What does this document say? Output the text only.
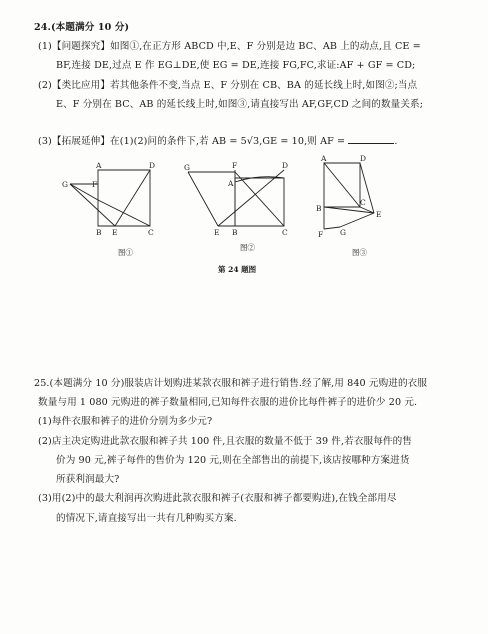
24.(本题满分 10 分)
(1)【问题探究】如图①,在正方形 ABCD 中,E、F 分别是边 BC、AB 上的动点,且 CE =
BF,连接 DE,过点 E 作 EG⊥DE,使 EG = DE,连接 FG,FC,求证:AF + GF = CD;
(2)【类比应用】若其他条件不变,当点 E、F 分别在 CB、BA 的延长线上时,如图②;当点
E、F 分别在 BC、AB 的延长线上时,如图③,请直接写出 AF,GF,CD 之间的数量关系;
(3)【拓展延伸】在(1)(2)问的条件下,若 AB = 5√3,GE = 10,则 AF =	.
A	D
G	F
B E	C
图①
G	F
A
D
E B	C
图②
A	D
B
C
E
F G
图③
第 24 题图
25.(本题满分 10 分)服装店计划购进某款衣服和裤子进行销售.经了解,用 840 元购进的衣服
数量与用 1 080 元购进的裤子数量相同,已知每件衣服的进价比每件裤子的进价少 20 元.
(1)每件衣服和裤子的进价分别为多少元?
(2)店主决定购进此款衣服和裤子共 100 件,且衣服的数量不低于 39 件,若衣服每件的售
价为 90 元,裤子每件的售价为 120 元,则在全部售出的前提下,该店按哪种方案进货
所获利润最大?
(3)用(2)中的最大利润再次购进此款衣服和裤子(衣服和裤子都要购进),在钱全部用尽
的情况下,请直接写出一共有几种购买方案.
